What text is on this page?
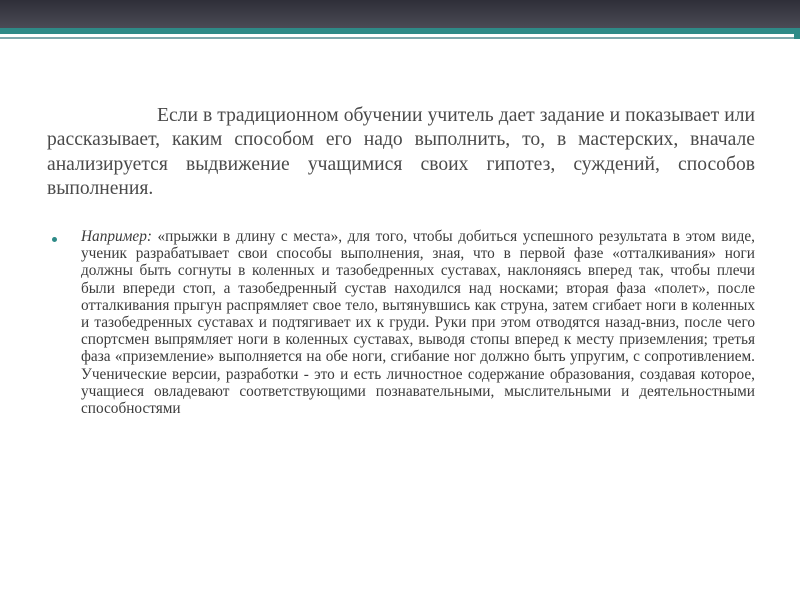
Если в традиционном обучении учитель дает задание и показывает или рассказывает, каким способом его надо выполнить, то, в мастерских, вначале анализируется выдвижение учащимися своих гипотез, суждений, способов выполнения.

Например: «прыжки в длину с места», для того, чтобы добиться успешного результата в этом виде, ученик разрабатывает свои способы выполнения, зная, что в первой фазе «отталкивания» ноги должны быть согнуты в коленных и тазобедренных суставах, наклоняясь вперед так, чтобы плечи были впереди стоп, а тазобедренный сустав находился над носками; вторая фаза «полет», после отталкивания прыгун распрямляет свое тело, вытянувшись как струна, затем сгибает ноги в коленных и тазобедренных суставах и подтягивает их к груди. Руки при этом отводятся назад-вниз, после чего спортсмен выпрямляет ноги в коленных суставах, выводя стопы вперед к месту приземления; третья фаза «приземление» выполняется на обе ноги, сгибание ног должно быть упругим, с сопротивлением. Ученические версии, разработки - это и есть личностное содержание образования, создавая которое, учащиеся овладевают соответствующими познавательными, мыслительными и деятельностными способностями
